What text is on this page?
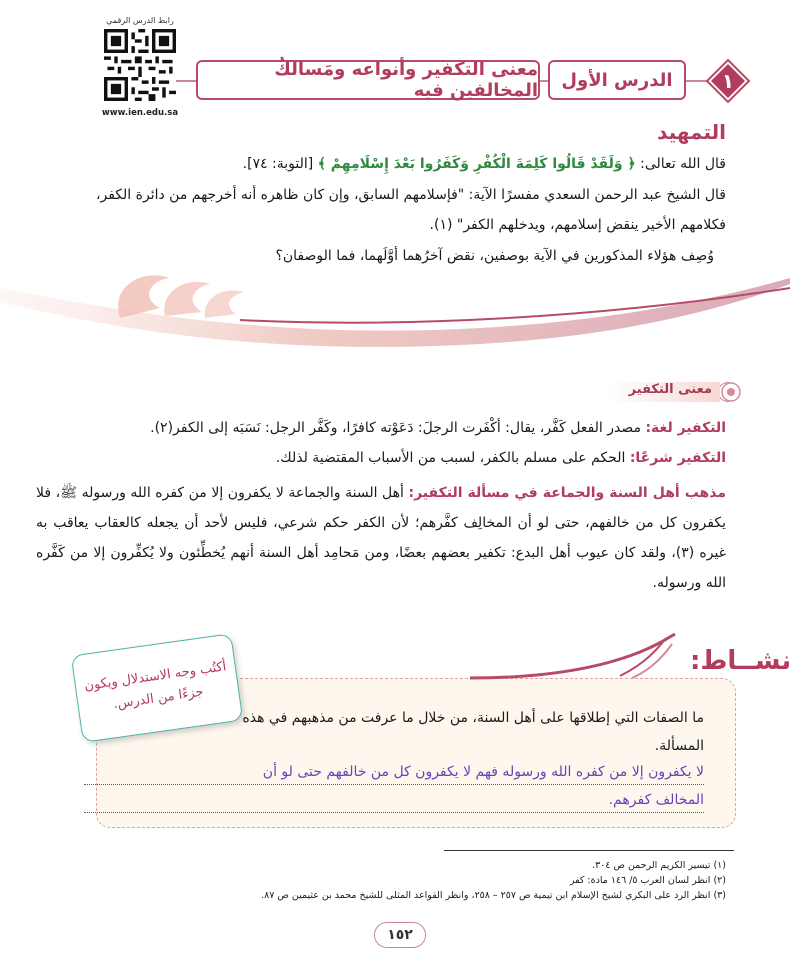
رابط الدرس الرقمي
www.ien.edu.sa
١
الدرس الأول
معنى التكفير وأنواعه ومَسالكُ المخالفين فيه
التمهيد
قال الله تعالى: ﴿ وَلَقَدْ قَالُوا كَلِمَةَ الْكُفْرِ وَكَفَرُوا بَعْدَ إِسْلَامِهِمْ ﴾ [التوبة: ٧٤].
قال الشيخ عبد الرحمن السعدي مفسرًا الآية: "فإسلامهم السابق، وإن كان ظاهره أنه أخرجهم من دائرة الكفر، فكلامهم الأخير ينقض إسلامهم، ويدخلهم الكفر" (١).
وُصِف هؤلاء المذكورين في الآية بوصفين، نقض آخرُهما أوَّلَهما، فما الوصفان؟
معنى التكفير
التكفير لغة: مصدر الفعل كَفَّر، يقال: أكْفَرت الرجلَ: دَعَوْته كافرًا، وكَفَّر الرجل: نَسَبَه إلى الكفر(٢).
التكفير شرعًا: الحكم على مسلم بالكفر، لسبب من الأسباب المقتضية لذلك.
مذهب أهل السنة والجماعة في مسألة التكفير: أهل السنة والجماعة لا يكفرون إلا من كفره الله ورسوله ﷺ، فلا يكفرون كل من خالفهم، حتى لو أن المخالِف كفَّرهم؛ لأن الكفر حكم شرعي، فليس لأحد أن يجعله كالعقاب يعاقب به غيره (٣)، ولقد كان عيوب أهل البدع: تكفير بعضهم بعضًا، ومن مَحامِد أهل السنة أنهم يُخطِّئون ولا يُكفِّرون إلا من كَفَّره الله ورسوله.
نشــاط:
ما الصفات التي إطلاقها على أهل السنة، من خلال ما عرفت من مذهبهم في هذه المسألة.
لا يكفرون إلا من كفره الله ورسوله فهم لا يكفرون كل من خالفهم حتى لو أن
المخالف كفرهم.
أكتُب وجه الاستدلال ويكون جزءًا من الدرس.
(١) تيسير الكريم الرحمن ص ٣٠٤.
(٢) انظر لسان العرب ٥/ ١٤٦ مادة: كفر
(٣) انظر الرد على البكري لشيخ الإسلام ابن تيمية ص ٢٥٧ – ٢٥٨، وانظر القواعد المثلى للشيخ محمد بن عثيمين ص ٨٧.
١٥٢
